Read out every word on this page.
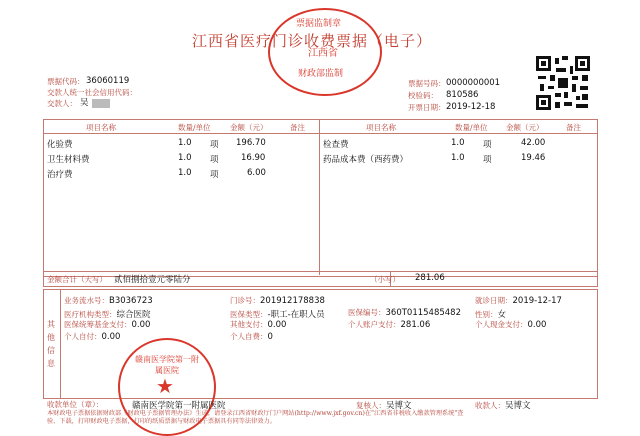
江西省医疗门诊收费票据（电子）
票据监制章
江西省
财政部监制
票据代码： 36060119
交款人统一社会信用代码：
交款人： 吴
票据号码： 0000000001
校验码： 810586
开票日期： 2019-12-18
项目名称	数量/单位	金额（元）	备注	项目名称	数量/单位 金额（元）	备注
化验费	1.0 项 196.70
卫生材料费	1.0 项	16.90
治疗费	1.0 项	6.00
检查费	1.0 项	42.00
药品成本费（西药费）	1.0 项	19.46
金额合计（大写） 贰佰捌拾壹元零陆分	（小写） 281.06
其他信息
业务流水号：B3036723	门诊号：201912178838	就诊日期：2019-12-17
医疗机构类型：综合医院	医保类型：-职工-在职人员	医保编号：360T0115485482 性别：女
医保统筹基金支付：0.00	其他支付：0.00	个人账户支付：281.06	个人现金支付：0.00
个人自付：0.00	个人自费：0
赣南医学院第一附属医院
★
收款单位（章）：	赣南医学院第一附属医院	复核人：吴博文	收款人：吴博文
本财政电子票据依据财政部《财政电子票据管理办法》生成，请登录江西省财政厅门户网站(http://www.jxf.gov.cn)在"江西省非税收入缴款管理系统"查
验、下载，打印财政电子票据，打印的纸质票据与财政电子票据具有同等法律效力。
